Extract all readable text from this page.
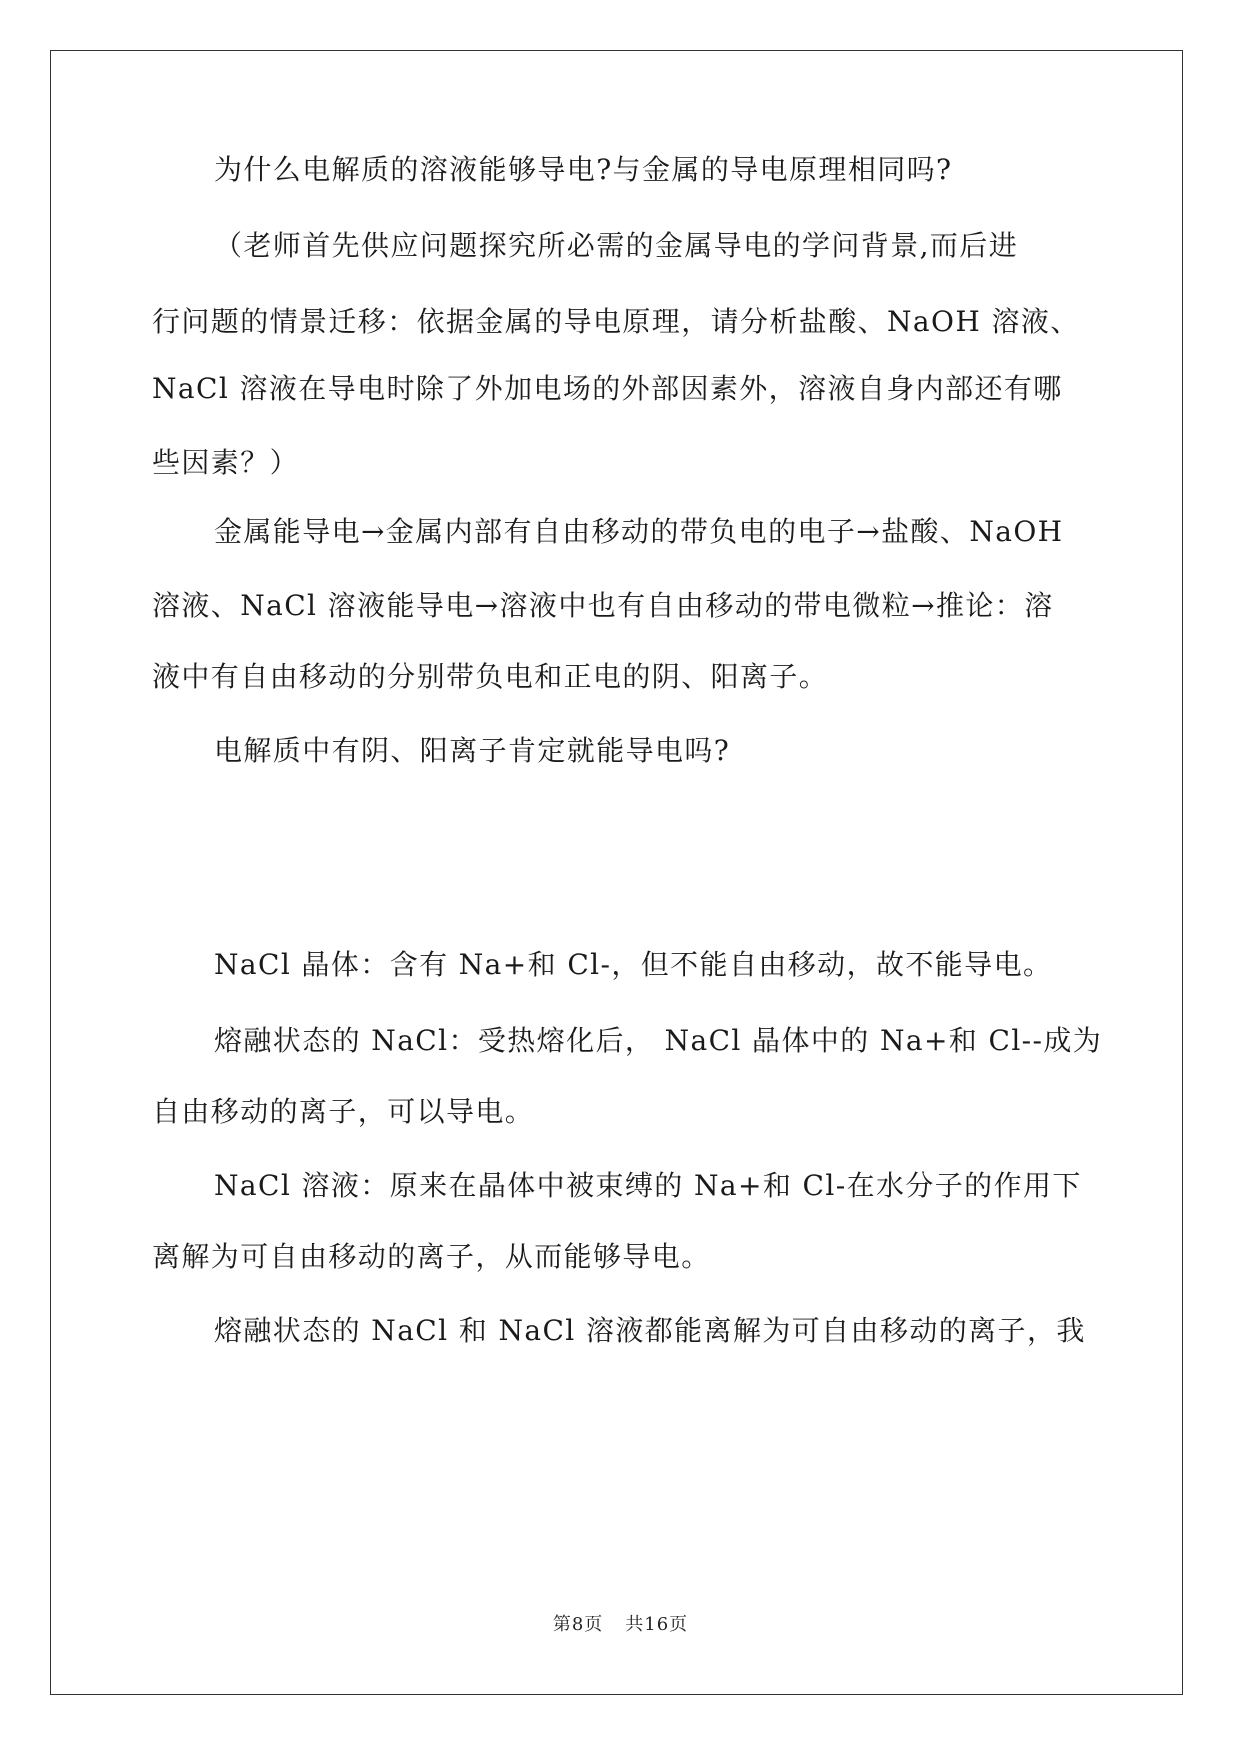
为什么电解质的溶液能够导电?与金属的导电原理相同吗?

（老师首先供应问题探究所必需的金属导电的学问背景,而后进

行问题的情景迁移：依据金属的导电原理，请分析盐酸、NaOH 溶液、

NaCl 溶液在导电时除了外加电场的外部因素外，溶液自身内部还有哪

些因素？）

金属能导电→金属内部有自由移动的带负电的电子→盐酸、NaOH

溶液、NaCl 溶液能导电→溶液中也有自由移动的带电微粒→推论：溶

液中有自由移动的分别带负电和正电的阴、阳离子。

电解质中有阴、阳离子肯定就能导电吗?

NaCl 晶体：含有 Na+和 Cl-，但不能自由移动，故不能导电。

熔融状态的 NaCl：受热熔化后， NaCl 晶体中的 Na+和 Cl--成为

自由移动的离子，可以导电。

NaCl 溶液：原来在晶体中被束缚的 Na+和 Cl-在水分子的作用下

离解为可自由移动的离子，从而能够导电。

熔融状态的 NaCl 和 NaCl 溶液都能离解为可自由移动的离子，我

第8页 共16页
